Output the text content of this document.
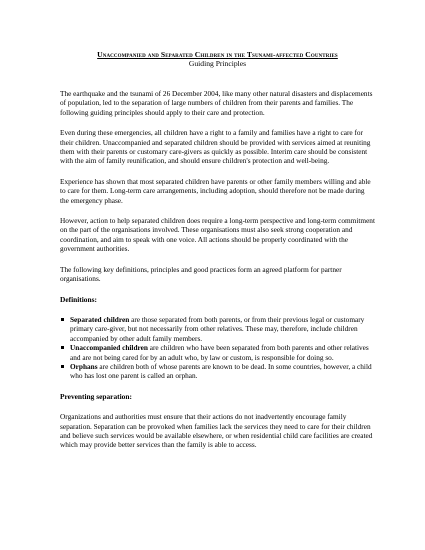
Unaccompanied and Separated Children in the Tsunami-affected Countries
Guiding Principles

The earthquake and the tsunami of 26 December 2004, like many other natural disasters and displacements of population, led to the separation of large numbers of children from their parents and families. The following guiding principles should apply to their care and protection.

Even during these emergencies, all children have a right to a family and families have a right to care for their children. Unaccompanied and separated children should be provided with services aimed at reuniting them with their parents or customary care-givers as quickly as possible. Interim care should be consistent with the aim of family reunification, and should ensure children's protection and well-being.

Experience has shown that most separated children have parents or other family members willing and able to care for them. Long-term care arrangements, including adoption, should therefore not be made during the emergency phase.

However, action to help separated children does require a long-term perspective and long-term commitment on the part of the organisations involved. These organisations must also seek strong cooperation and coordination, and aim to speak with one voice. All actions should be properly coordinated with the government authorities.

The following key definitions, principles and good practices form an agreed platform for partner organisations.

Definitions:
Separated children are those separated from both parents, or from their previous legal or customary primary care-giver, but not necessarily from other relatives. These may, therefore, include children accompanied by other adult family members.
Unaccompanied children are children who have been separated from both parents and other relatives and are not being cared for by an adult who, by law or custom, is responsible for doing so.
Orphans are children both of whose parents are known to be dead. In some countries, however, a child who has lost one parent is called an orphan.
Preventing separation:

Organizations and authorities must ensure that their actions do not inadvertently encourage family separation. Separation can be provoked when families lack the services they need to care for their children and believe such services would be available elsewhere, or when residential child care facilities are created which may provide better services than the family is able to access.
